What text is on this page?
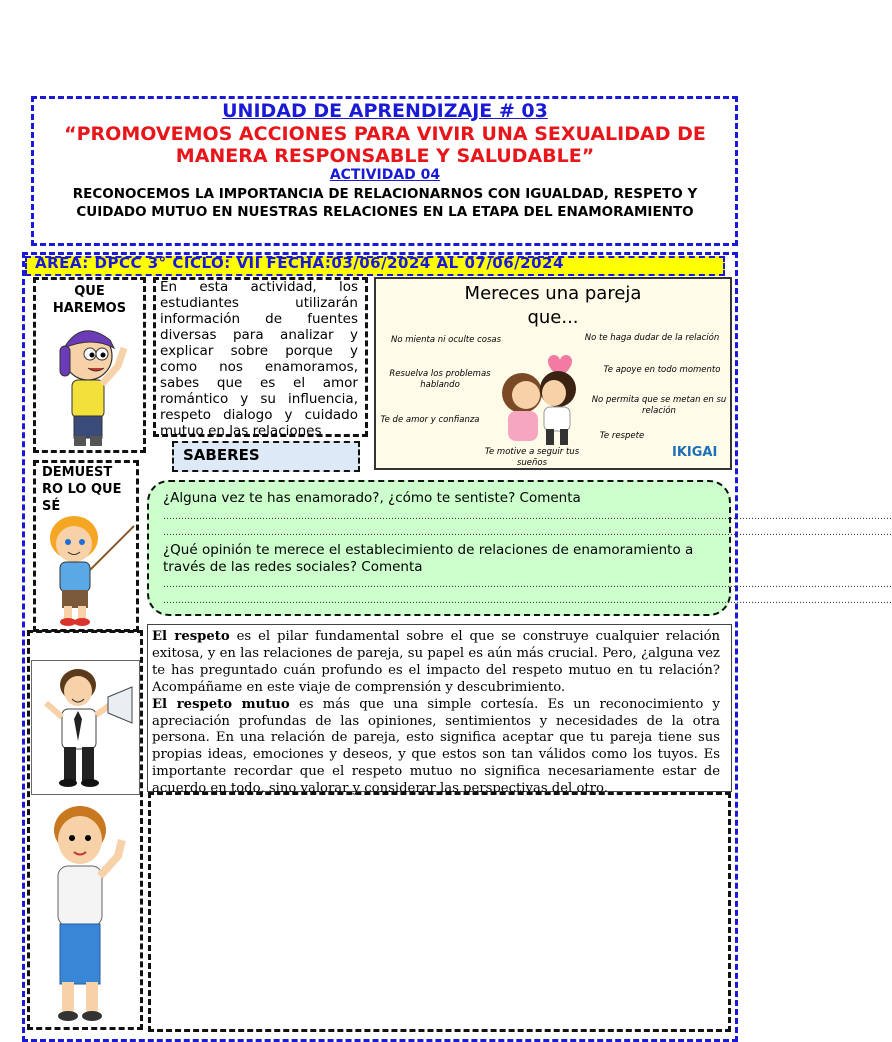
UNIDAD DE APRENDIZAJE # 03
“PROMOVEMOS ACCIONES PARA VIVIR UNA SEXUALIDAD DE MANERA RESPONSABLE Y SALUDABLE”
ACTIVIDAD 04
RECONOCEMOS LA IMPORTANCIA DE RELACIONARNOS CON IGUALDAD, RESPETO Y CUIDADO MUTUO EN NUESTRAS RELACIONES EN LA ETAPA DEL ENAMORAMIENTO
AREA: DPCC 3° CICLO: VII FECHA:03/06/2024 AL 07/06/2024
QUE HAREMOS
En esta actividad, los estudiantes utilizarán información de fuentes diversas para analizar y explicar sobre porque y como nos enamoramos, sabes que es el amor romántico y su influencia, respeto dialogo y cuidado mutuo en las relaciones
SABERES
Mereces una pareja
que...
No mienta ni oculte cosas	No te haga dudar de la relación
Resuelva los problemas hablando
Te apoye en todo momento
Te de amor y confianza
No permita que se metan en su relación
Te respete
Te motive a seguir tus sueños
IKIGAI
DEMUEST RO LO QUE SÉ
¿Alguna vez te has enamorado?, ¿cómo te sentiste? Comenta
………………………………………………………………………………………………………………………………………………………………………………………………………………………
………………………………………………………………………………………………………………………………………………………………………………………………………………………
¿Qué opinión te merece el establecimiento de relaciones de enamoramiento a través de las redes sociales? Comenta
………………………………………………………………………………………………………………………………………………………………………………………………………………………
………………………………………………………………………………………………………………………………………………………………………………………………………………………
El respeto es el pilar fundamental sobre el que se construye cualquier relación exitosa, y en las relaciones de pareja, su papel es aún más crucial. Pero, ¿alguna vez te has preguntado cuán profundo es el impacto del respeto mutuo en tu relación? Acompáñame en este viaje de comprensión y descubrimiento.
El respeto mutuo es más que una simple cortesía. Es un reconocimiento y apreciación profundas de las opiniones, sentimientos y necesidades de la otra persona. En una relación de pareja, esto significa aceptar que tu pareja tiene sus propias ideas, emociones y deseos, y que estos son tan válidos como los tuyos. Es importante recordar que el respeto mutuo no significa necesariamente estar de acuerdo en todo, sino valorar y considerar las perspectivas del otro.
